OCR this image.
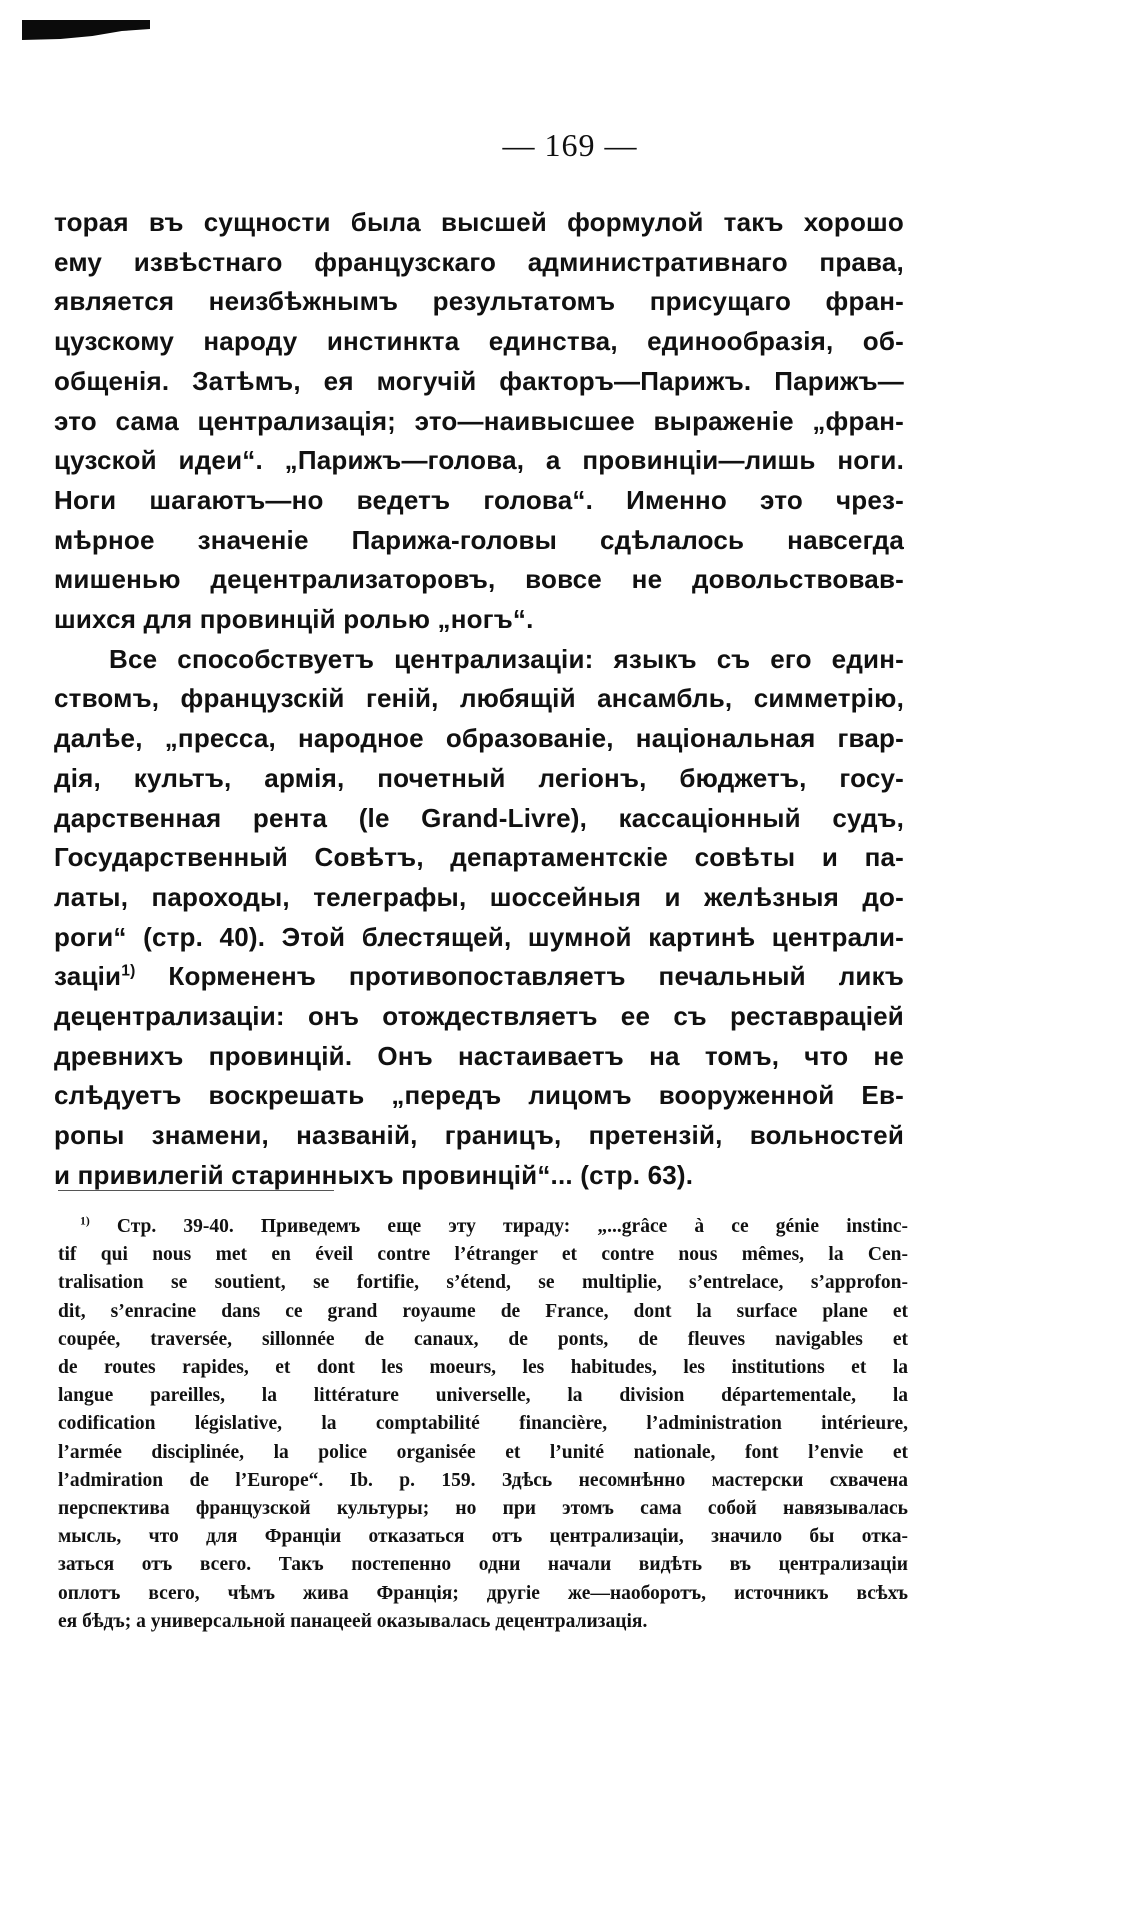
— 169 —

торая въ сущности была высшей формулой такъ хорошо
ему извѣстнаго французскаго административнаго права,
является неизбѣжнымъ результатомъ присущаго фран-
цузскому народу инстинкта единства, единообразія, об-
общенія. Затѣмъ, ея могучій факторъ—Парижъ. Парижъ—
это сама централизація; это—наивысшее выраженіе „фран-
цузской идеи“. „Парижъ—голова, а провинціи—лишь ноги.
Ноги шагаютъ—но ведетъ голова“. Именно это чрез-
мѣрное значеніе Парижа-головы сдѣлалось навсегда
мишенью децентрализаторовъ, вовсе не довольствовав-
шихся для провинцій ролью „ногъ“.

Все способствуетъ централизаціи: языкъ съ его един-
ствомъ, французскій геній, любящій ансамбль, симметрію,
далѣе, „пресса, народное образованіе, національная гвар-
дія, культъ, армія, почетный легіонъ, бюджетъ, госу-
дарственная рента (le Grand-Livre), кассаціонный судъ,
Государственный Совѣтъ, департаментскіе совѣты и па-
латы, пароходы, телеграфы, шоссейныя и желѣзныя до-
роги“ (стр. 40). Этой блестящей, шумной картинѣ централи-
заціи$^{1)}$ Кормененъ противопоставляетъ печальный ликъ
децентрализаціи: онъ отождествляетъ ее съ реставраціей
древнихъ провинцій. Онъ настаиваетъ на томъ, что не
слѣдуетъ воскрешать „передъ лицомъ вооруженной Ев-
ропы знамени, названій, границъ, претензій, вольностей
и привилегій старинныхъ провинцій“... (стр. 63).

$^{1)}$ Стр. 39-40. Приведемъ еще эту тираду: „...grâce à ce génie instinc-
tif qui nous met en éveil contre l’étranger et contre nous mêmes, la Cen-
tralisation se soutient, se fortifie, s’étend, se multiplie, s’entrelace, s’approfon-
dit, s’enracine dans ce grand royaume de France, dont la surface plane et
coupée, traversée, sillonnée de canaux, de ponts, de fleuves navigables et
de routes rapides, et dont les moeurs, les habitudes, les institutions et la
langue pareilles, la littérature universelle, la division départementale, la
codification législative, la comptabilité financière, l’administration intérieure,
l’armée disciplinée, la police organisée et l’unité nationale, font l’envie et
l’admiration de l’Europe“. Ib. p. 159. Здѣсь несомнѣнно мастерски схвачена
перспектива французской культуры; но при этомъ сама собой навязывалась
мысль, что для Франціи отказаться отъ централизаціи, значило бы отка-
заться отъ всего. Такъ постепенно одни начали видѣть въ централизаціи
оплотъ всего, чѣмъ жива Франція; другіе же—наоборотъ, источникъ всѣхъ
ея бѣдъ; а универсальной панацеей оказывалась децентрализація.
